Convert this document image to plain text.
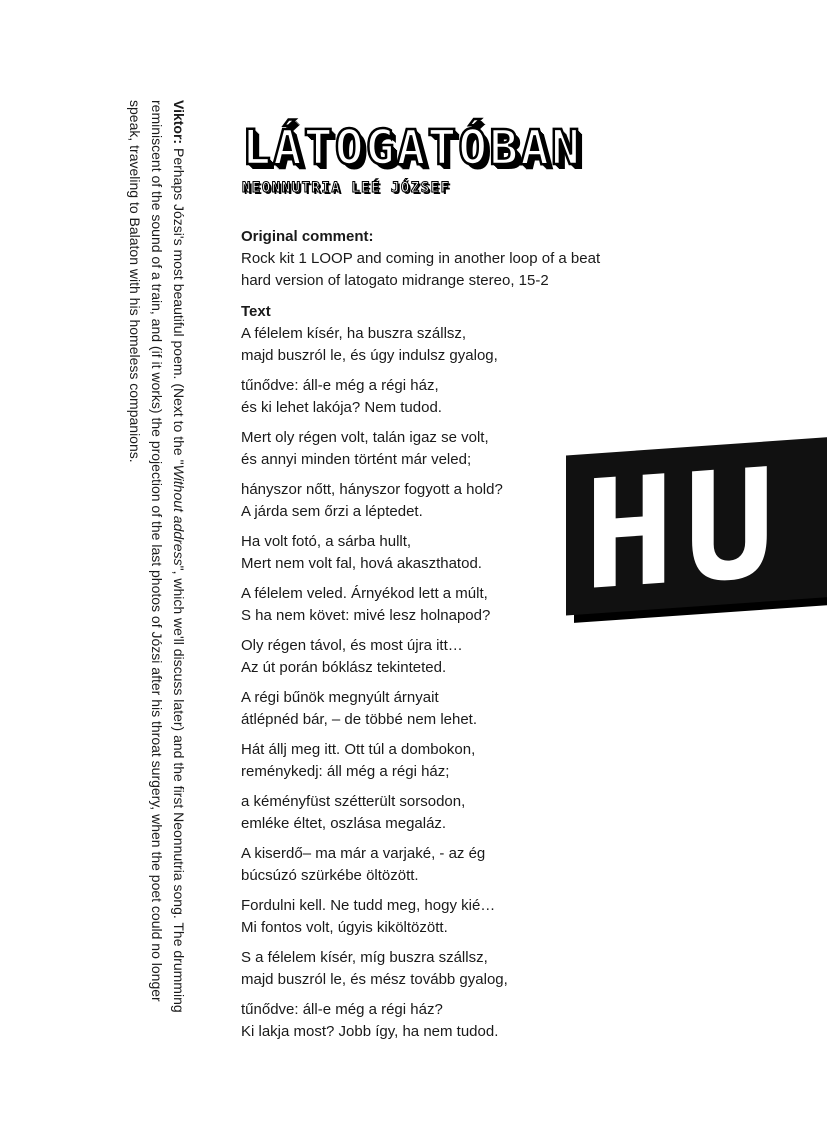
LÁTOGATÓBAN
NEONNUTRIA LEÉ JÓZSEF
Viktor: Perhaps Józsi's most beautiful poem. (Next to the "Without address", which we'll discuss later) and the first Neonnutria song. The drumming reminiscent of the sound of a train, and (if it works) the projection of the last photos of Józsi after his throat surgery, when the poet could no longer speak, traveling to Balaton with his homeless companions.	Original comment:

Rock kit 1 LOOP and coming in another loop of a beat

hard version of latogato midrange stereo, 15-2

Text

A félelem kísér, ha buszra szállsz,

majd buszról le, és úgy indulsz gyalog,

tűnődve: áll-e még a régi ház,

és ki lehet lakója? Nem tudod.

Mert oly régen volt, talán igaz se volt,

és annyi minden történt már veled;

hányszor nőtt, hányszor fogyott a hold?

A járda sem őrzi a léptedet.

Ha volt fotó, a sárba hullt,

Mert nem volt fal, hová akaszthatod.

A félelem veled. Árnyékod lett a múlt,

S ha nem követ: mivé lesz holnapod?

Oly régen távol, és most újra itt…

Az út porán bóklász tekinteted.

A régi bűnök megnyúlt árnyait

átlépnéd bár, – de többé nem lehet.

Hát állj meg itt. Ott túl a dombokon,

reménykedj: áll még a régi ház;

a kéményfüst szétterült sorsodon,

emléke éltet, oszlása megaláz.

A kiserdő– ma már a varjaké, - az ég

búcsúzó szürkébe öltözött.

Fordulni kell. Ne tudd meg, hogy kié…

Mi fontos volt, úgyis kiköltözött.

S a félelem kísér, míg buszra szállsz,

majd buszról le, és mész tovább gyalog,

tűnődve: áll-e még a régi ház?

Ki lakja most? Jobb így, ha nem tudod.

HU
